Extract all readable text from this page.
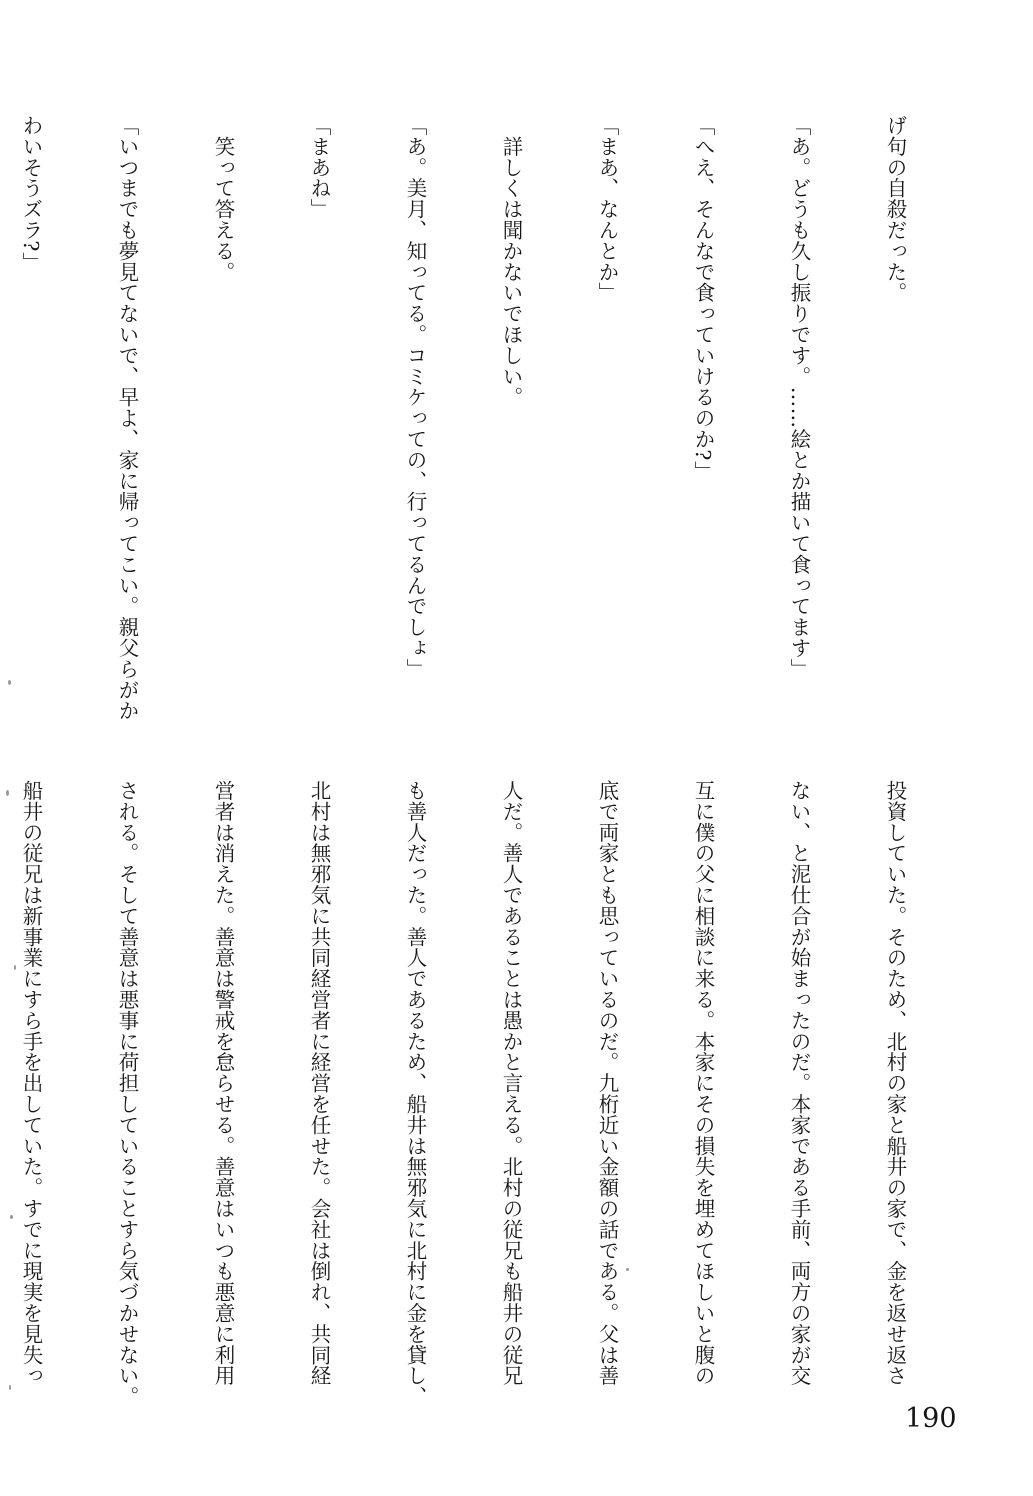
げ句の自殺だった。

「あ。どうも久し振りです。……絵とか描いて食ってます」

「へえ、そんなで食っていけるのか?」

「まあ、なんとか」

　詳しくは聞かないでほしい。

「あ。美月、知ってる。コミケっての、行ってるんでしょ」

「まあね」

　笑って答える。

「いつまでも夢見てないで、早よ、家に帰ってこい。親父らがか

わいそうズラ?」

投資していた。そのため、北村の家と船井の家で、金を返せ返さ

ない、と泥仕合が始まったのだ。本家である手前、両方の家が交

互に僕の父に相談に来る。本家にその損失を埋めてほしいと腹の

底で両家とも思っているのだ。九桁近い金額の話である。父は善

人だ。善人であることは愚かと言える。北村の従兄も船井の従兄

も善人だった。善人であるため、船井は無邪気に北村に金を貸し、

北村は無邪気に共同経営者に経営を任せた。会社は倒れ、共同経

営者は消えた。善意は警戒を怠らせる。善意はいつも悪意に利用

される。そして善意は悪事に荷担していることすら気づかせない。

船井の従兄は新事業にすら手を出していた。すでに現実を見失っ

190
